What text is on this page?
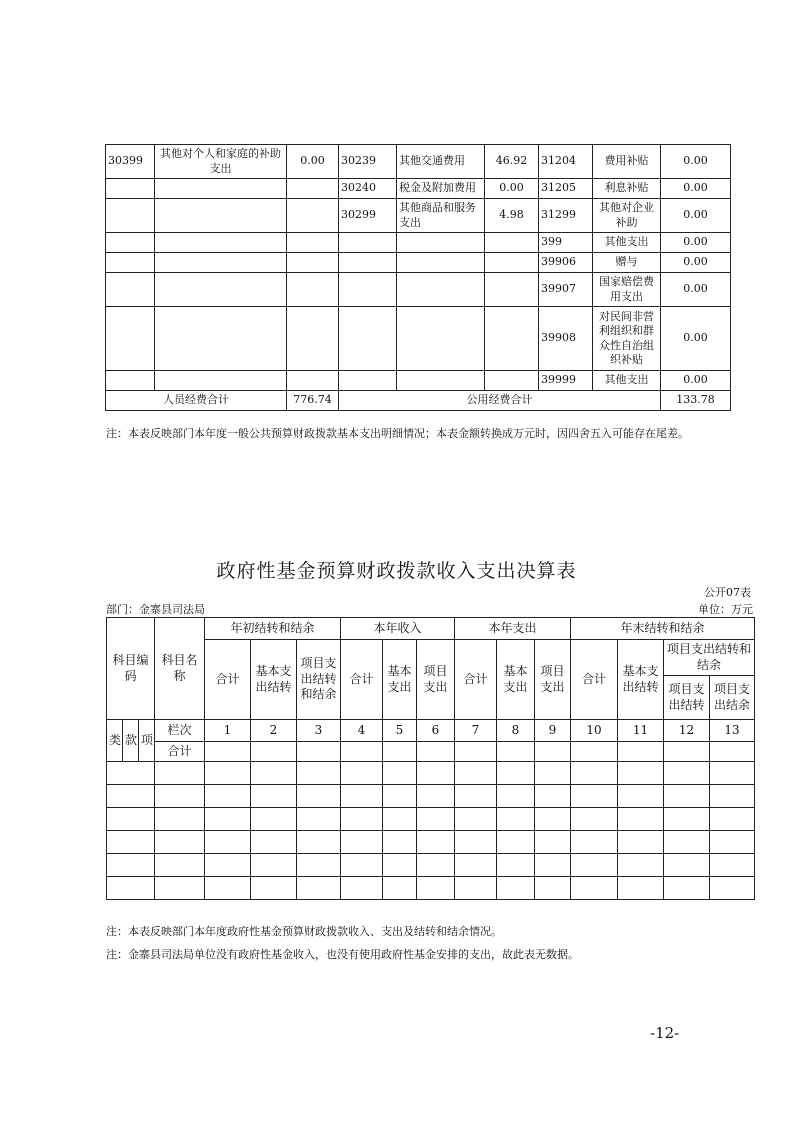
30399	其他对个人和家庭的补助支出	0.00	30239	其他交通费用	46.92	31204	费用补贴	0.00
			30240	税金及附加费用	0.00	31205	利息补贴	0.00
			30299	其他商品和服务支出	4.98	31299	其他对企业补助	0.00
						399	其他支出	0.00
						39906	赠与	0.00
						39907	国家赔偿费用支出	0.00
						39908	对民间非营利组织和群众性自治组织补贴	0.00
						39999	其他支出	0.00
人员经费合计		776.74	公用经费合计					133.78
注：本表反映部门本年度一般公共预算财政拨款基本支出明细情况；本表金额转换成万元时，因四舍五入可能存在尾差。
政府性基金预算财政拨款收入支出决算表
公开07表
部门：金寨县司法局	单位：万元
科目编码			科目名称	年初结转和结余			本年收入			本年支出			年末结转和结余			
				合计	基本支出结转	项目支出结转和结余	合计	基本支出	项目支出	合计	基本支出	项目支出	合计	基本支出结转	项目支出结转和结余	
															项目支出结转	项目支出结余
类	款	项	栏次	1	2	3	4	5	6	7	8	9	10	11	12	13
			合计													

注：本表反映部门本年度政府性基金预算财政拨款收入、支出及结转和结余情况。
注：金寨县司法局单位没有政府性基金收入，也没有使用政府性基金安排的支出，故此表无数据。
-12-
